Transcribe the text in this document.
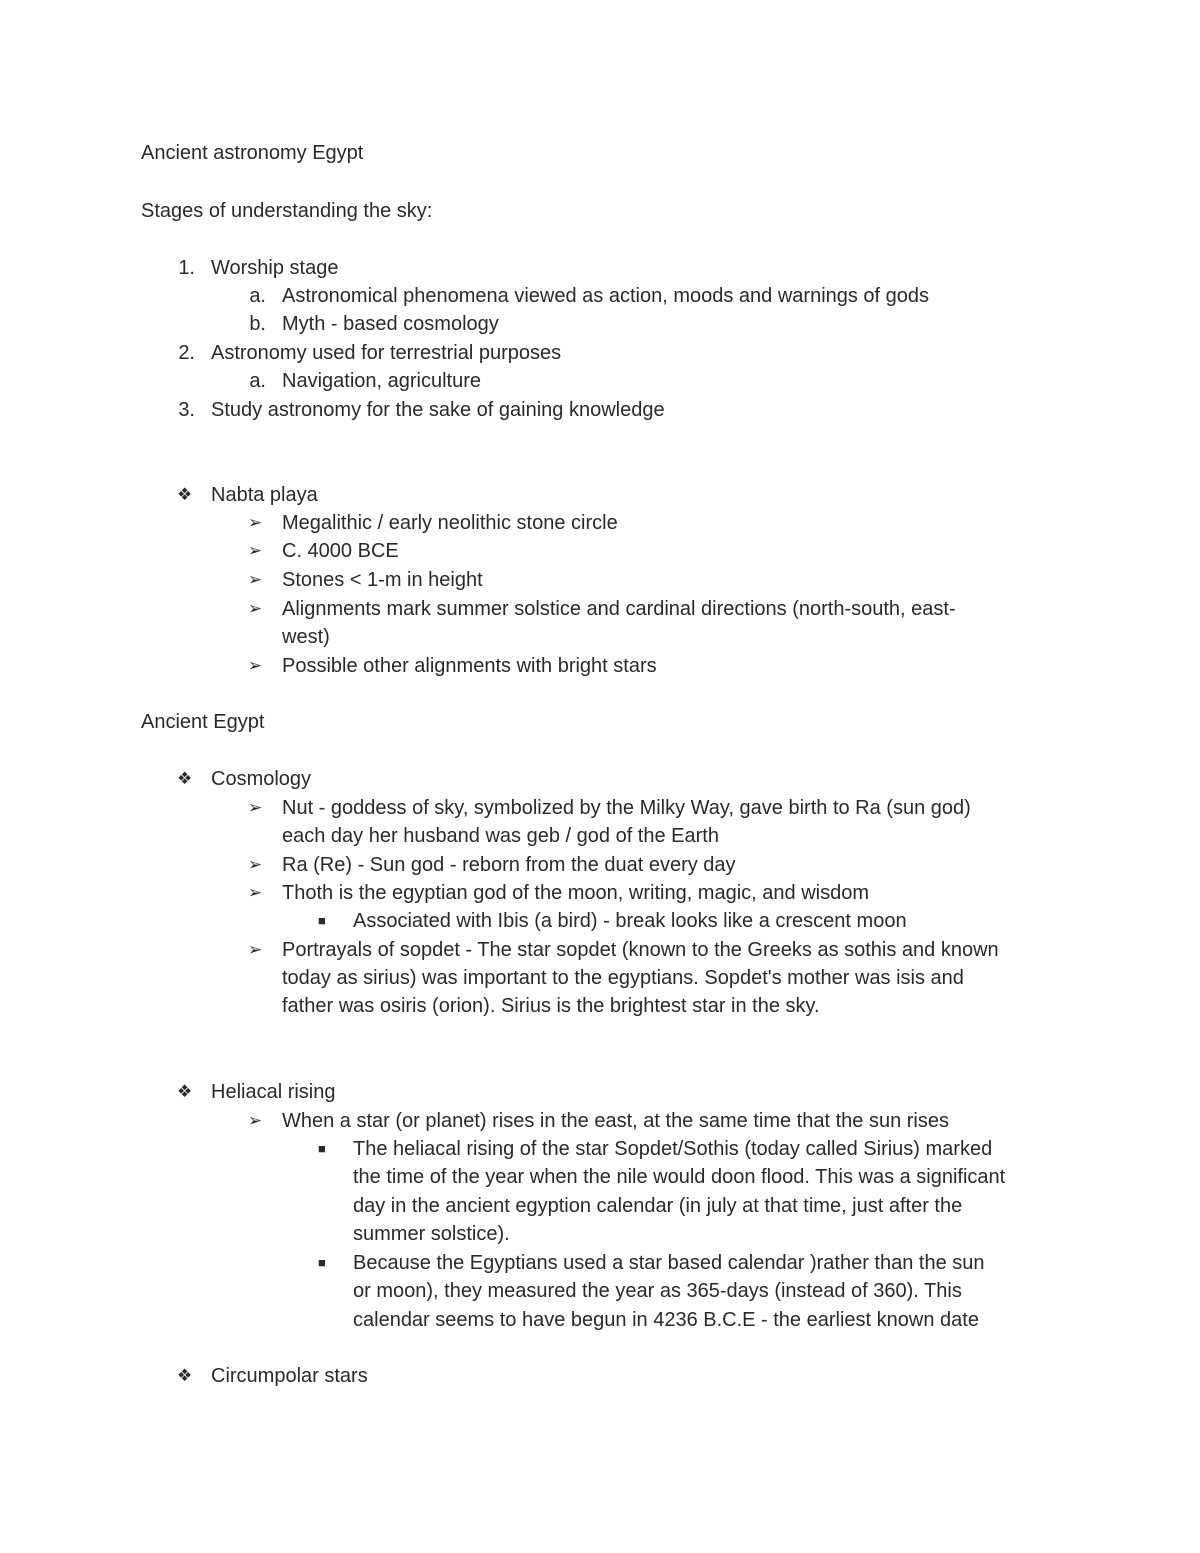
Ancient astronomy Egypt
Stages of understanding the sky:
1. Worship stage
a. Astronomical phenomena viewed as action, moods and warnings of gods
b. Myth - based cosmology
2. Astronomy used for terrestrial purposes
a. Navigation, agriculture
3. Study astronomy for the sake of gaining knowledge
❖ Nabta playa
➢ Megalithic / early neolithic stone circle
➢ C. 4000 BCE
➢ Stones < 1-m in height
➢ Alignments mark summer solstice and cardinal directions (north-south, east-
west)
➢ Possible other alignments with bright stars
Ancient Egypt
❖ Cosmology
➢ Nut - goddess of sky, symbolized by the Milky Way, gave birth to Ra (sun god)
each day her husband was geb / god of the Earth
➢ Ra (Re) - Sun god - reborn from the duat every day
➢ Thoth is the egyptian god of the moon, writing, magic, and wisdom
■	Associated with Ibis (a bird) - break looks like a crescent moon
➢ Portrayals of sopdet - The star sopdet (known to the Greeks as sothis and known
today as sirius) was important to the egyptians. Sopdet's mother was isis and
father was osiris (orion). Sirius is the brightest star in the sky.
❖ Heliacal rising
➢ When a star (or planet) rises in the east, at the same time that the sun rises
■	The heliacal rising of the star Sopdet/Sothis (today called Sirius) marked
the time of the year when the nile would doon flood. This was a significant
day in the ancient egyption calendar (in july at that time, just after the
summer solstice).
■	Because the Egyptians used a star based calendar )rather than the sun
or moon), they measured the year as 365-days (instead of 360). This
calendar seems to have begun in 4236 B.C.E - the earliest known date
❖ Circumpolar stars
